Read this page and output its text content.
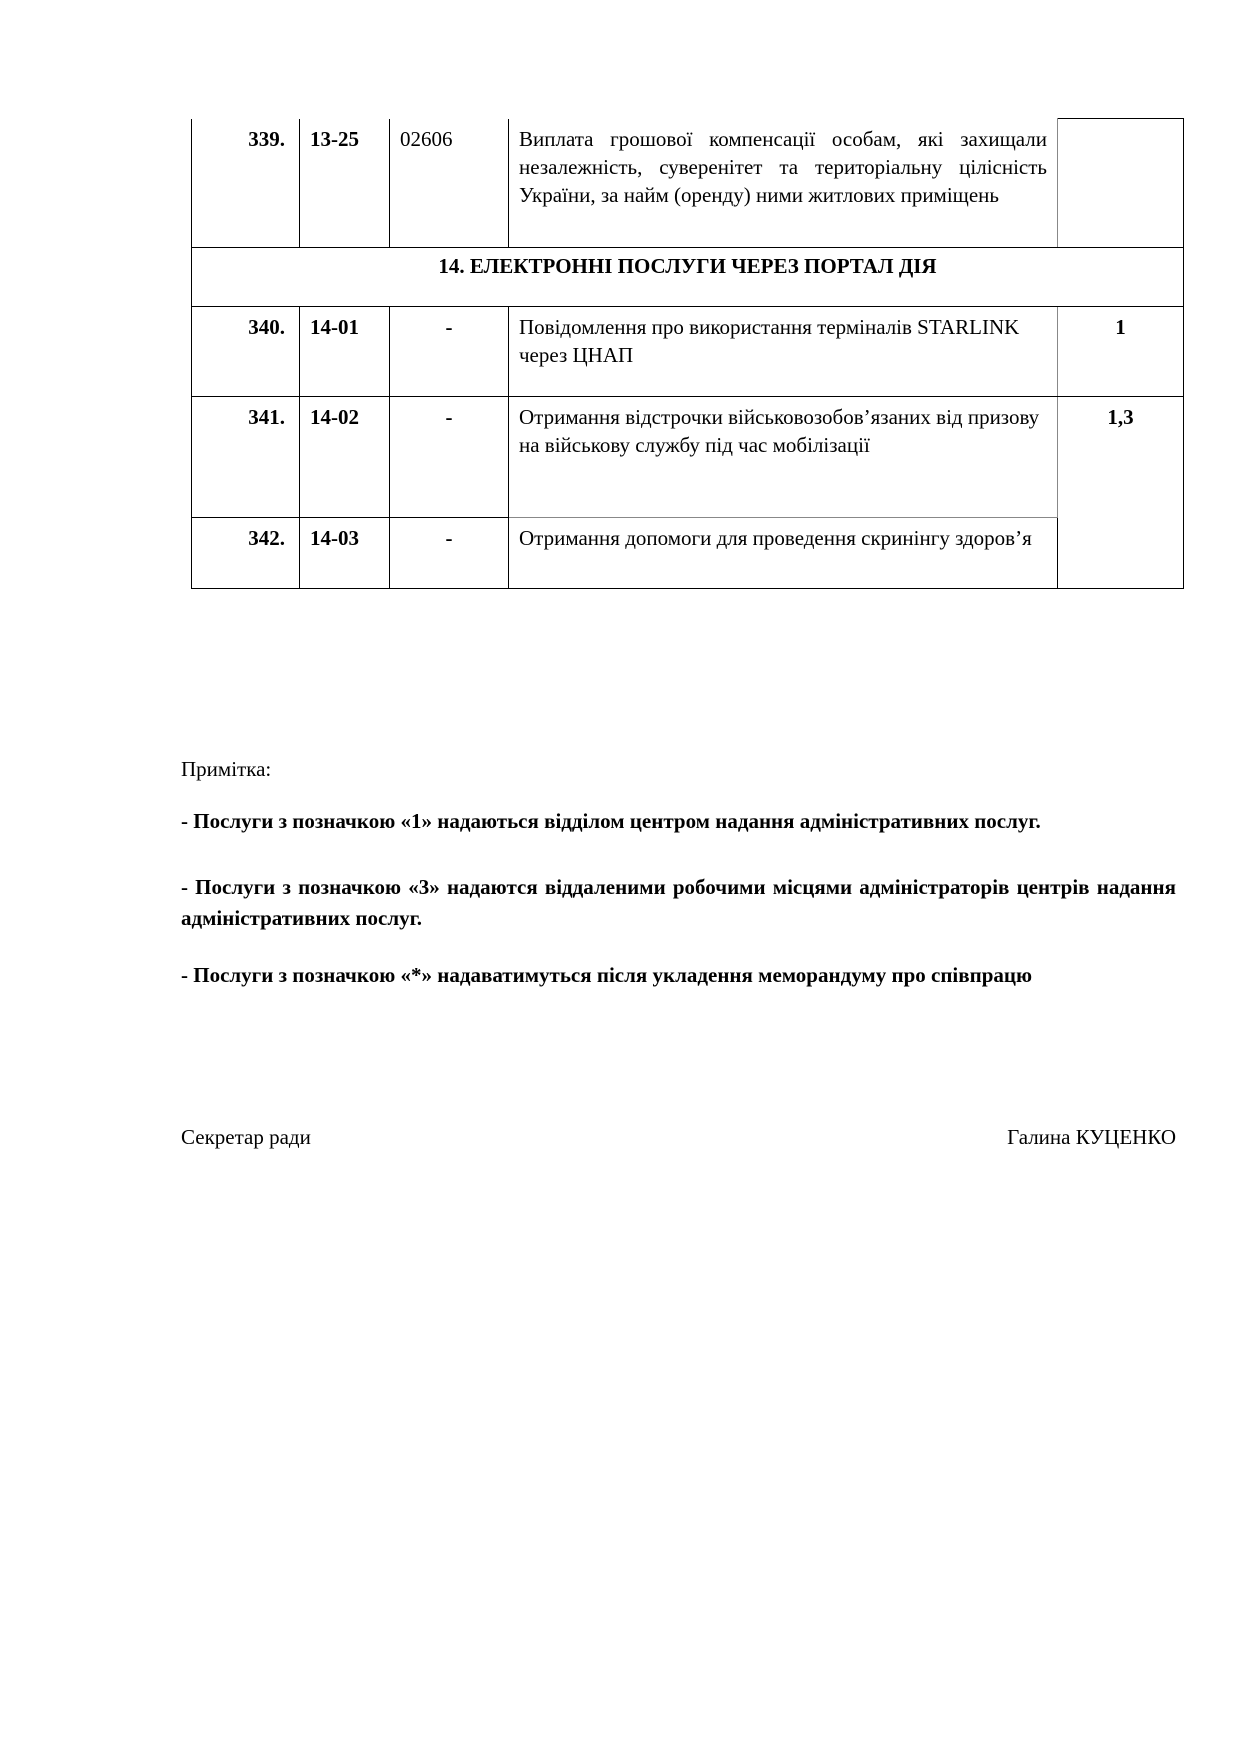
339.	13-25	02606	Виплата грошової компенсації особам, які захищали незалежність, суверенітет та територіальну цілісність України, за найм (оренду) ними житлових приміщень	
14. ЕЛЕКТРОННІ ПОСЛУГИ ЧЕРЕЗ ПОРТАЛ ДІЯ				
340.	14-01	-	Повідомлення про використання терміналів STARLINK через ЦНАП	1
341.	14-02	-	Отримання відстрочки військовозобов’язаних від призову на військову службу під час мобілізації	1,3
342.	14-03	-	Отримання допомоги для проведення скринінгу здоров’я	
Примітка:
- Послуги з позначкою «1» надаються відділом центром надання адміністративних послуг.
- Послуги з позначкою «3» надаются віддаленими робочими місцями адміністраторів центрів надання адміністративних послуг.
- Послуги з позначкою «*» надаватимуться після укладення меморандуму про співпрацю
Секретар ради	Галина КУЦЕНКО
